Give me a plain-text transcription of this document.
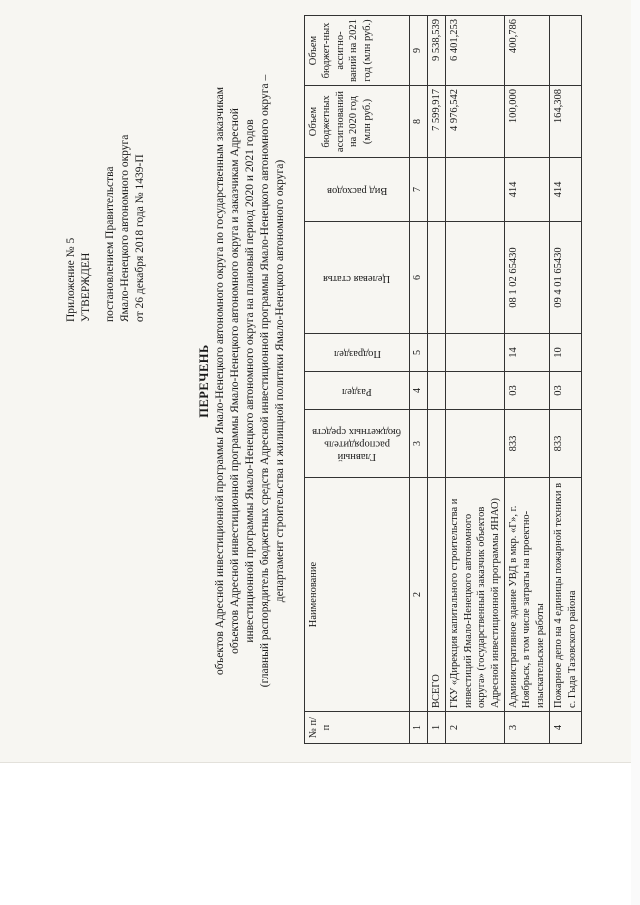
Приложение № 5 УТВЕРЖДЕН постановлением Правительства Ямало-Ненецкого автономного округа от 26 декабря 2018 года № 1439-П
ПЕРЕЧЕНЬ объектов Адресной инвестиционной программы Ямало-Ненецкого автономного округа по государственным заказчикам объектов Адресной инвестиционной программы Ямало-Ненецкого автономного округа и заказчикам Адресной инвестиционной программы Ямало-Ненецкого автономного округа на плановый период 2020 и 2021 годов (главный распорядитель бюджетных средств Адресной инвестиционной программы Ямало-Ненецкого автономного округа – департамент строительства и жилищной политики Ямало-Ненецкого автономного округа)
№ п/п	Наименование	Главный распорядитель бюджетных средств	Раздел	Подраздел	Целевая статья	Вид расходов	Объем бюджетных ассигнований на 2020 год (млн руб.)	Объем бюджет-ных ассигно-ваний на 2021 год (млн руб.)
1	2	3	4	5	6	7	8	9
1	ВСЕГО						7 599,917	9 538,539
2	ГКУ «Дирекция капитального строительства и инвестиций Ямало-Ненецкого автономного округа» (государственный заказчик объектов Адресной инвестиционной программы ЯНАО)						4 976,542	6 401,253
3	Административное здание УВД в мкр. «Г», г. Ноябрьск, в том числе затраты на проектно-изыскательские работы	833	03	14	08 1 02 65430	414	100,000	400,786
4	Пожарное депо на 4 единицы пожарной техники в с. Гыда Тазовского района	833	03	10	09 4 01 65430	414	164,308	
